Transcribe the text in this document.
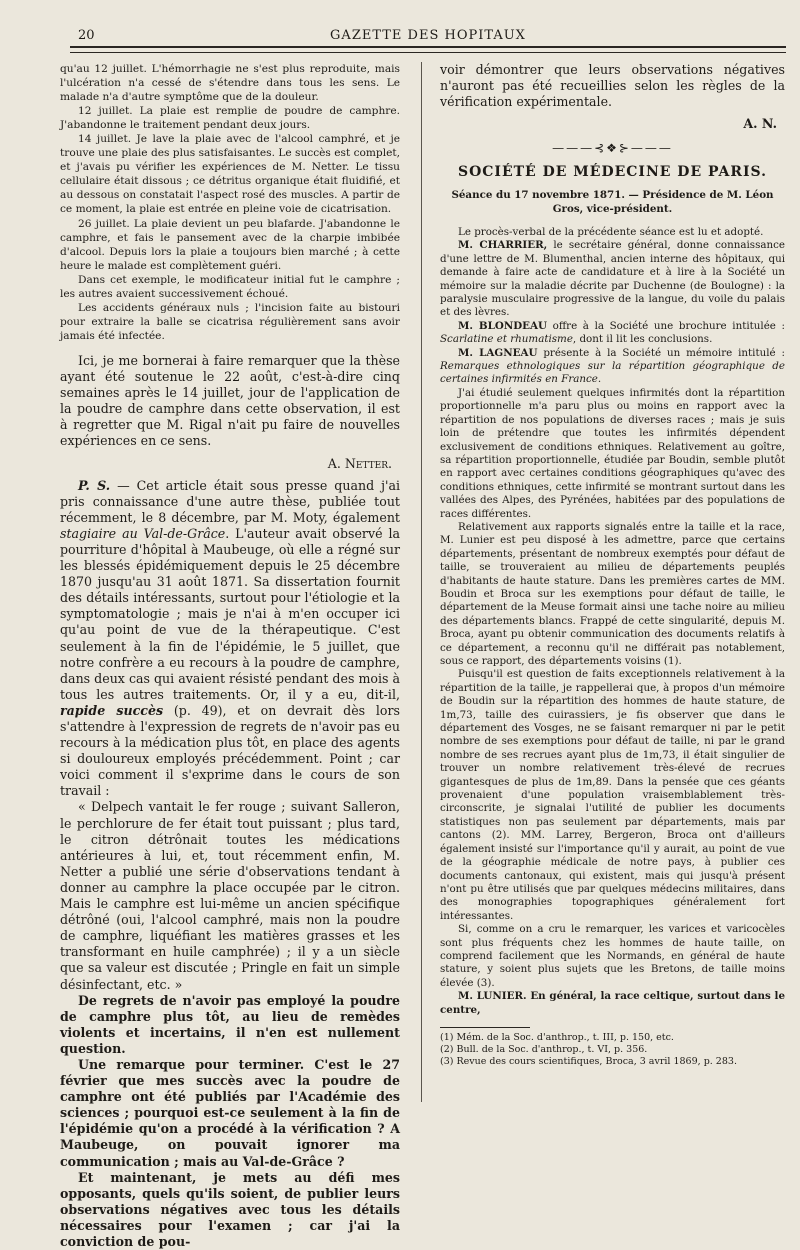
20	GAZETTE DES HOPITAUX

qu'au 12 juillet. L'hémorrhagie ne s'est plus reproduite, mais l'ulcération n'a cessé de s'étendre dans tous les sens. Le malade n'a d'autre symptôme que de la douleur.

12 juillet. La plaie est remplie de poudre de camphre. J'abandonne le traitement pendant deux jours.

14 juillet. Je lave la plaie avec de l'alcool camphré, et je trouve une plaie des plus satisfaisantes. Le succès est complet, et j'avais pu vérifier les expériences de M. Netter. Le tissu cellulaire était dissous ; ce détritus organique était fluidifié, et au dessous on constatait l'aspect rosé des muscles. A partir de ce moment, la plaie est entrée en pleine voie de cicatrisation.

26 juillet. La plaie devient un peu blafarde. J'abandonne le camphre, et fais le pansement avec de la charpie imbibée d'alcool. Depuis lors la plaie a toujours bien marché ; à cette heure le malade est complètement guéri.

Dans cet exemple, le modificateur initial fut le camphre ; les autres avaient successivement échoué.

Les accidents généraux nuls ; l'incision faite au bistouri pour extraire la balle se cicatrisa régulièrement sans avoir jamais été infectée.

Ici, je me bornerai à faire remarquer que la thèse ayant été soutenue le 22 août, c'est-à-dire cinq semaines après le 14 juillet, jour de l'application de la poudre de camphre dans cette observation, il est à regretter que M. Rigal n'ait pu faire de nouvelles expériences en ce sens.

A. Netter.

P. S. — Cet article était sous presse quand j'ai pris connaissance d'une autre thèse, publiée tout récemment, le 8 décembre, par M. Moty, également stagiaire au Val-de-Grâce. L'auteur avait observé la pourriture d'hôpital à Maubeuge, où elle a régné sur les blessés épidémiquement depuis le 25 décembre 1870 jusqu'au 31 août 1871. Sa dissertation fournit des détails intéressants, surtout pour l'étiologie et la symptomatologie ; mais je n'ai à m'en occuper ici qu'au point de vue de la thérapeutique. C'est seulement à la fin de l'épidémie, le 5 juillet, que notre confrère a eu recours à la poudre de camphre, dans deux cas qui avaient résisté pendant des mois à tous les autres traitements. Or, il y a eu, dit-il, rapide succès (p. 49), et on devrait dès lors s'attendre à l'expression de regrets de n'avoir pas eu recours à la médication plus tôt, en place des agents si douloureux employés précédemment. Point ; car voici comment il s'exprime dans le cours de son travail :

« Delpech vantait le fer rouge ; suivant Salleron, le perchlorure de fer était tout puissant ; plus tard, le citron détrônait toutes les médications antérieures à lui, et, tout récemment enfin, M. Netter a publié une série d'observations tendant à donner au camphre la place occupée par le citron. Mais le camphre est lui-même un ancien spécifique détrôné (oui, l'alcool camphré, mais non la poudre de camphre, liquéfiant les matières grasses et les transformant en huile camphrée) ; il y a un siècle que sa valeur est discutée ; Pringle en fait un simple désinfectant, etc. »

De regrets de n'avoir pas employé la poudre de camphre plus tôt, au lieu de remèdes violents et incertains, il n'en est nullement question.

Une remarque pour terminer. C'est le 27 février que mes succès avec la poudre de camphre ont été publiés par l'Académie des sciences ; pourquoi est-ce seulement à la fin de l'épidémie qu'on a procédé à la vérification ? A Maubeuge, on pouvait ignorer ma communication ; mais au Val-de-Grâce ?

Et maintenant, je mets au défi mes opposants, quels qu'ils soient, de publier leurs observations négatives avec tous les détails nécessaires pour l'examen ; car j'ai la conviction de pou-

voir démontrer que leurs observations négatives n'auront pas été recueillies selon les règles de la vérification expérimentale.

A. N.
———⊰❖⊱———
SOCIÉTÉ DE MÉDECINE DE PARIS.

Séance du 17 novembre 1871. — Présidence de M. Léon Gros, vice-président.

Le procès-verbal de la précédente séance est lu et adopté.

M. CHARRIER, le secrétaire général, donne connaissance d'une lettre de M. Blumenthal, ancien interne des hôpitaux, qui demande à faire acte de candidature et à lire à la Société un mémoire sur la maladie décrite par Duchenne (de Boulogne) : la paralysie musculaire progressive de la langue, du voile du palais et des lèvres.

M. BLONDEAU offre à la Société une brochure intitulée : Scarlatine et rhumatisme, dont il lit les conclusions.

M. LAGNEAU présente à la Société un mémoire intitulé : Remarques ethnologiques sur la répartition géographique de certaines infirmités en France.

J'ai étudié seulement quelques infirmités dont la répartition proportionnelle m'a paru plus ou moins en rapport avec la répartition de nos populations de diverses races ; mais je suis loin de prétendre que toutes les infirmités dépendent exclusivement de conditions ethniques. Relativement au goître, sa répartition proportionnelle, étudiée par Boudin, semble plutôt en rapport avec certaines conditions géographiques qu'avec des conditions ethniques, cette infirmité se montrant surtout dans les vallées des Alpes, des Pyrénées, habitées par des populations de races différentes.

Relativement aux rapports signalés entre la taille et la race, M. Lunier est peu disposé à les admettre, parce que certains départements, présentant de nombreux exemptés pour défaut de taille, se trouveraient au milieu de départements peuplés d'habitants de haute stature. Dans les premières cartes de MM. Boudin et Broca sur les exemptions pour défaut de taille, le département de la Meuse formait ainsi une tache noire au milieu des départements blancs. Frappé de cette singularité, depuis M. Broca, ayant pu obtenir communication des documents relatifs à ce département, a reconnu qu'il ne différait pas notablement, sous ce rapport, des départements voisins (1).

Puisqu'il est question de faits exceptionnels relativement à la répartition de la taille, je rappellerai que, à propos d'un mémoire de Boudin sur la répartition des hommes de haute stature, de 1m,73, taille des cuirassiers, je fis observer que dans le département des Vosges, ne se faisant remarquer ni par le petit nombre de ses exemptions pour défaut de taille, ni par le grand nombre de ses recrues ayant plus de 1m,73, il était singulier de trouver un nombre relativement très-élevé de recrues gigantesques de plus de 1m,89. Dans la pensée que ces géants provenaient d'une population vraisemblablement très-circonscrite, je signalai l'utilité de publier les documents statistiques non pas seulement par départements, mais par cantons (2). MM. Larrey, Bergeron, Broca ont d'ailleurs également insisté sur l'importance qu'il y aurait, au point de vue de la géographie médicale de notre pays, à publier ces documents cantonaux, qui existent, mais qui jusqu'à présent n'ont pu être utilisés que par quelques médecins militaires, dans des monographies topographiques généralement fort intéressantes.

Si, comme on a cru le remarquer, les varices et varicocèles sont plus fréquents chez les hommes de haute taille, on comprend facilement que les Normands, en général de haute stature, y soient plus sujets que les Bretons, de taille moins élevée (3).

M. LUNIER. En général, la race celtique, surtout dans le centre,

(1) Mém. de la Soc. d'anthrop., t. III, p. 150, etc.

(2) Bull. de la Soc. d'anthrop., t. VI, p. 356.

(3) Revue des cours scientifiques, Broca, 3 avril 1869, p. 283.
